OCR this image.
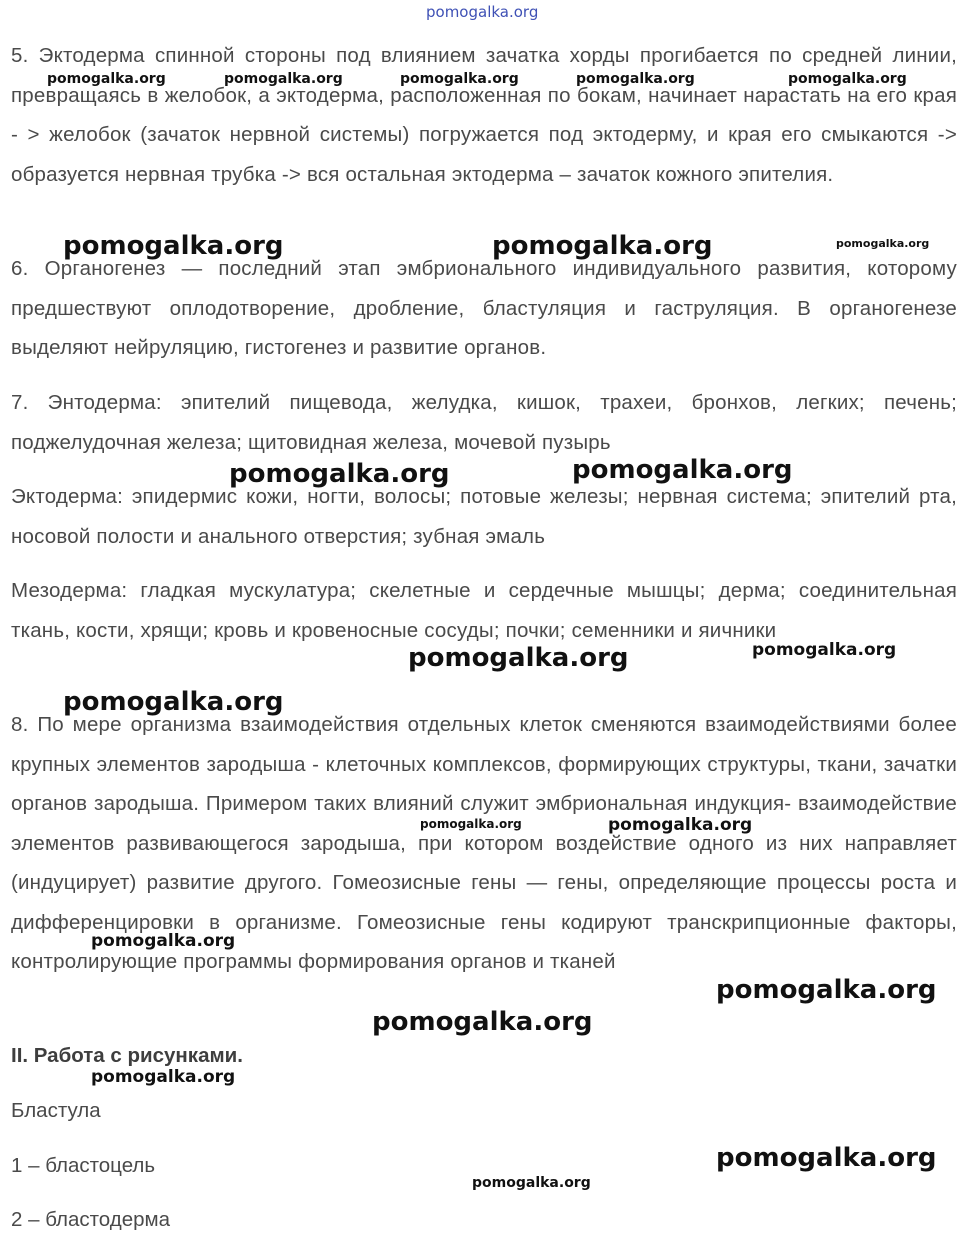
5. Эктодерма спинной стороны под влиянием зачатка хорды прогибается по средней линии, превращаясь в желобок, а эктодерма, расположенная по бокам, начинает нарастать на его края - > желобок (зачаток нервной системы) погружается под эктодерму, и края его смыкаются -> образуется нервная трубка -> вся остальная эктодерма – зачаток кожного эпителия.

6. Органогенез — последний этап эмбрионального индивидуального развития, которому предшествуют оплодотворение, дробление, бластуляция и гаструляция. В органогенезе выделяют нейруляцию, гистогенез и развитие органов.

7. Энтодерма: эпителий пищевода, желудка, кишок, трахеи, бронхов, легких; печень; поджелудочная железа; щитовидная железа, мочевой пузырь

Эктодерма: эпидермис кожи, ногти, волосы; потовые железы; нервная система; эпителий рта, носовой полости и анального отверстия; зубная эмаль

Мезодерма: гладкая мускулатура; скелетные и сердечные мышцы; дерма; соединительная ткань, кости, хрящи; кровь и кровеносные сосуды; почки; семенники и яичники

8. По мере организма взаимодействия отдельных клеток сменяются взаимодействиями более крупных элементов зародыша - клеточных комплексов, формирующих структуры, ткани, зачатки органов зародыша. Примером таких влияний служит эмбриональная индукция- взаимодействие элементов развивающегося зародыша, при котором воздействие одного из них направляет (индуцирует) развитие другого. Гомеозисные гены — гены, определяющие процессы роста и дифференцировки в организме. Гомеозисные гены кодируют транскрипционные факторы, контролирующие программы формирования органов и тканей

II. Работа с рисунками.

Бластула

1 – бластоцель

2 – бластодерма

pomogalka.org
pomogalka.org	pomogalka.org	pomogalka.org	pomogalka.org	pomogalka.org
pomogalka.org	pomogalka.org	pomogalka.org
pomogalka.org	pomogalka.org
pomogalka.org	pomogalka.org
pomogalka.org
pomogalka.org	pomogalka.org
pomogalka.org
pomogalka.org
pomogalka.org
pomogalka.org
pomogalka.org
pomogalka.org
